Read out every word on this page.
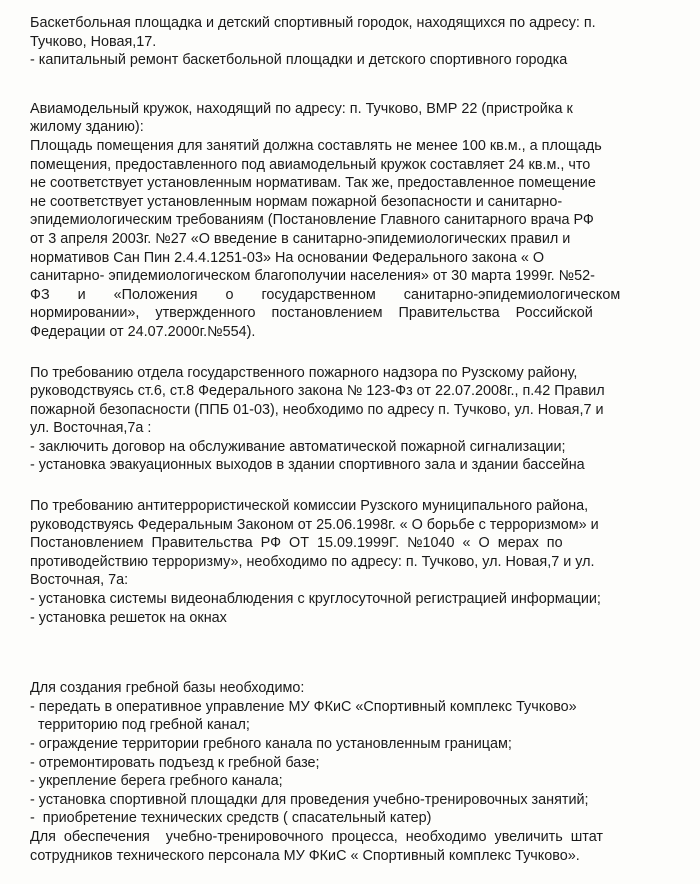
Баскетбольная площадка и детский спортивный городок, находящихся по адресу: п.
Тучково, Новая,17.
- капитальный ремонт баскетбольной площадки и детского спортивного городка
Авиамодельный кружок, находящий по адресу: п. Тучково, ВМР 22 (пристройка к
жилому зданию):
Площадь помещения для занятий должна составлять не менее 100 кв.м., а площадь
помещения, предоставленного под авиамодельный кружок составляет 24 кв.м., что
не соответствует установленным нормативам. Так же, предоставленное помещение
не соответствует установленным нормам пожарной безопасности и санитарно-
эпидемиологическим требованиям (Постановление Главного санитарного врача РФ
от 3 апреля 2003г. №27 «О введение в санитарно-эпидемиологических правил и
нормативов Сан Пин 2.4.4.1251-03» На основании Федерального закона « О
санитарно- эпидемиологическом благополучии населения» от 30 марта 1999г. №52-
ФЗ       и       «Положения       о       государственном       санитарно-эпидемиологическом
нормировании»,    утвержденного    постановлением    Правительства    Российской
Федерации от 24.07.2000г.№554).
По требованию отдела государственного пожарного надзора по Рузскому району,
руководствуясь ст.6, ст.8 Федерального закона № 123-Фз от 22.07.2008г., п.42 Правил
пожарной безопасности (ППБ 01-03), необходимо по адресу п. Тучково, ул. Новая,7 и
ул. Восточная,7а :
- заключить договор на обслуживание автоматической пожарной сигнализации;
- установка эвакуационных выходов в здании спортивного зала и здании бассейна
По требованию антитеррористической комиссии Рузского муниципального района,
руководствуясь Федеральным Законом от 25.06.1998г. « О борьбе с терроризмом» и
Постановлением  Правительства  РФ  ОТ  15.09.1999Г.  №1040  «  О  мерах  по
противодействию терроризму», необходимо по адресу: п. Тучково, ул. Новая,7 и ул.
Восточная, 7а:
- установка системы видеонаблюдения с круглосуточной регистрацией информации;
- установка решеток на окнах
Для создания гребной базы необходимо:
- передать в оперативное управление МУ ФКиС «Спортивный комплекс Тучково»
территорию под гребной канал;
- ограждение территории гребного канала по установленным границам;
- отремонтировать подъезд к гребной базе;
- укрепление берега гребного канала;
- установка спортивной площадки для проведения учебно-тренировочных занятий;
-  приобретение технических средств ( спасательный катер)
Для  обеспечения    учебно-тренировочного  процесса,  необходимо  увеличить  штат
сотрудников технического персонала МУ ФКиС « Спортивный комплекс Тучково».
